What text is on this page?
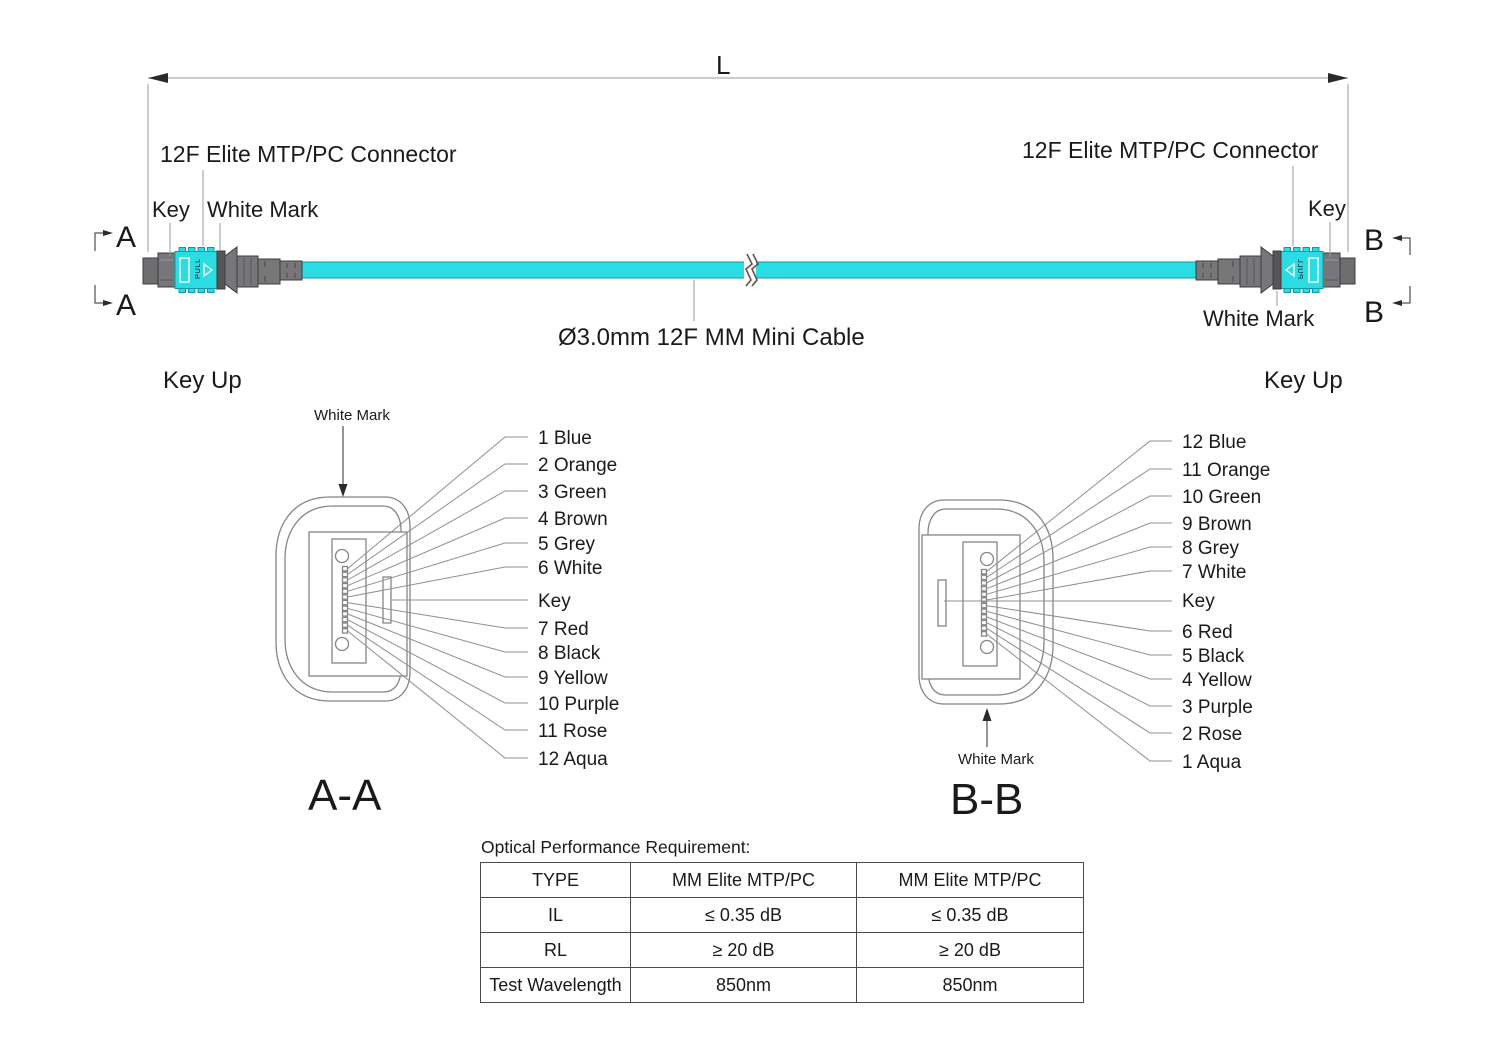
L
PULL
12F Elite MTP/PC Connector
Key White Mark
A
A
Key Up
12F Elite MTP/PC Connector
Key
White Mark
B
B
Key Up
Ø3.0mm 12F MM Mini Cable
1 Blue
2 Orange
3 Green
4 Brown
5 Grey
6 White
Key
7 Red
8 Black
9 Yellow
10 Purple
11 Rose
12 Aqua
White Mark
A-A
12 Blue
11 Orange
10 Green
9 Brown
8 Grey
7 White
Key
6 Red
5 Black
4 Yellow
3 Purple
2 Rose
1 Aqua
White Mark
B-B
Optical Performance Requirement:
TYPE	MM Elite MTP/PC	MM Elite MTP/PC
IL	≤ 0.35 dB	≤ 0.35 dB
RL	≥ 20 dB	≥ 20 dB
Test Wavelength	850nm	850nm
